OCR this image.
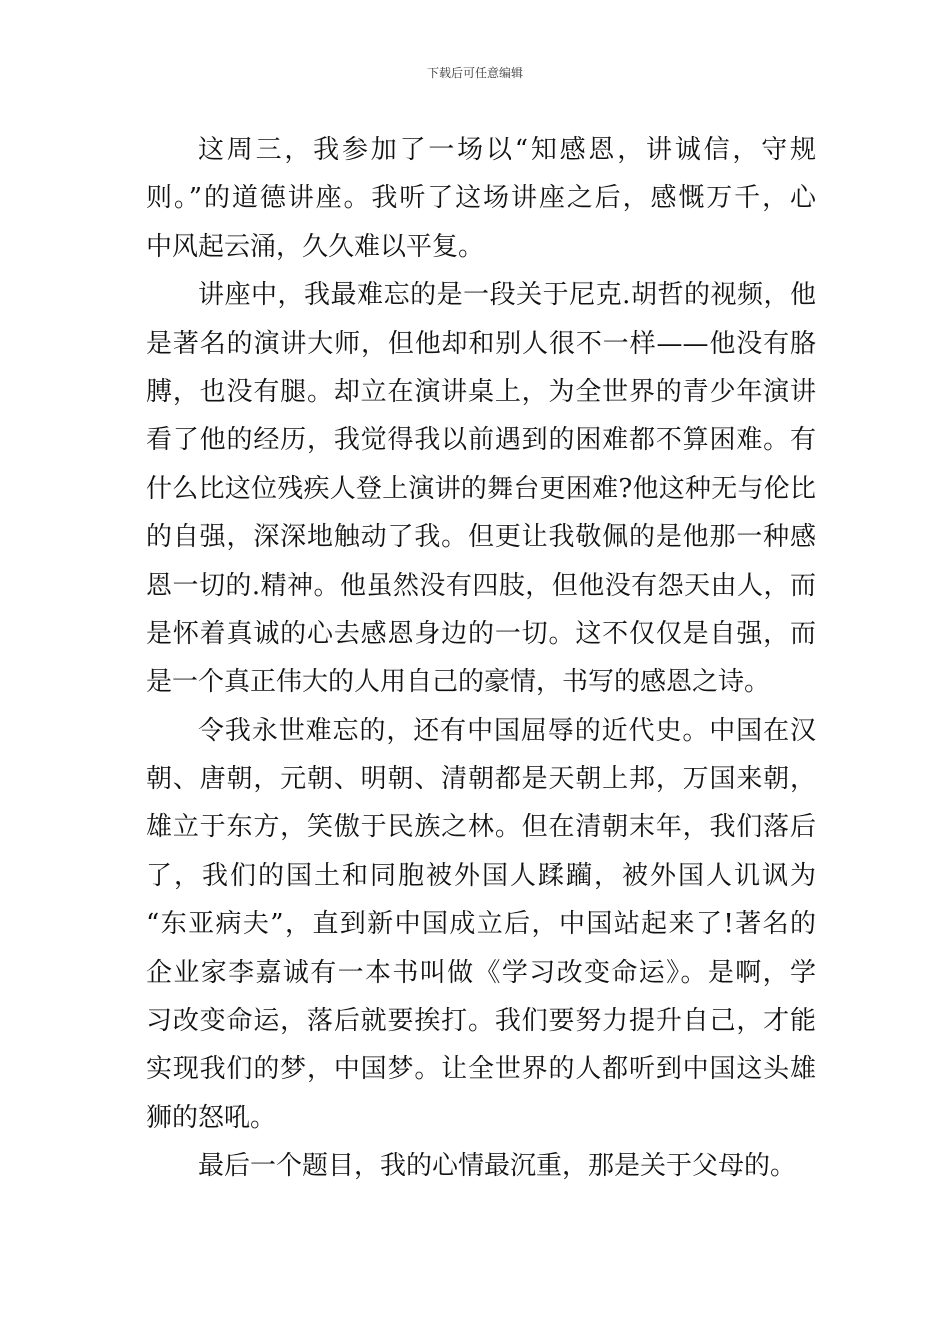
下载后可任意编辑
这周三，我参加了一场以“知感恩，讲诚信，守规
则。”的道德讲座。我听了这场讲座之后，感慨万千，心
中风起云涌，久久难以平复。
讲座中，我最难忘的是一段关于尼克.胡哲的视频，他
是著名的演讲大师，但他却和别人很不一样——他没有胳
膊，也没有腿。却立在演讲桌上，为全世界的青少年演讲
看了他的经历，我觉得我以前遇到的困难都不算困难。有
什么比这位残疾人登上演讲的舞台更困难?他这种无与伦比
的自强，深深地触动了我。但更让我敬佩的是他那一种感
恩一切的.精神。他虽然没有四肢，但他没有怨天由人，而
是怀着真诚的心去感恩身边的一切。这不仅仅是自强，而
是一个真正伟大的人用自己的豪情，书写的感恩之诗。
令我永世难忘的，还有中国屈辱的近代史。中国在汉
朝、唐朝，元朝、明朝、清朝都是天朝上邦，万国来朝，
雄立于东方，笑傲于民族之林。但在清朝末年，我们落后
了，我们的国土和同胞被外国人蹂躏，被外国人讥讽为
“东亚病夫”，直到新中国成立后，中国站起来了!著名的
企业家李嘉诚有一本书叫做《学习改变命运》。是啊，学
习改变命运，落后就要挨打。我们要努力提升自己，才能
实现我们的梦，中国梦。让全世界的人都听到中国这头雄
狮的怒吼。
最后一个题目，我的心情最沉重，那是关于父母的。
